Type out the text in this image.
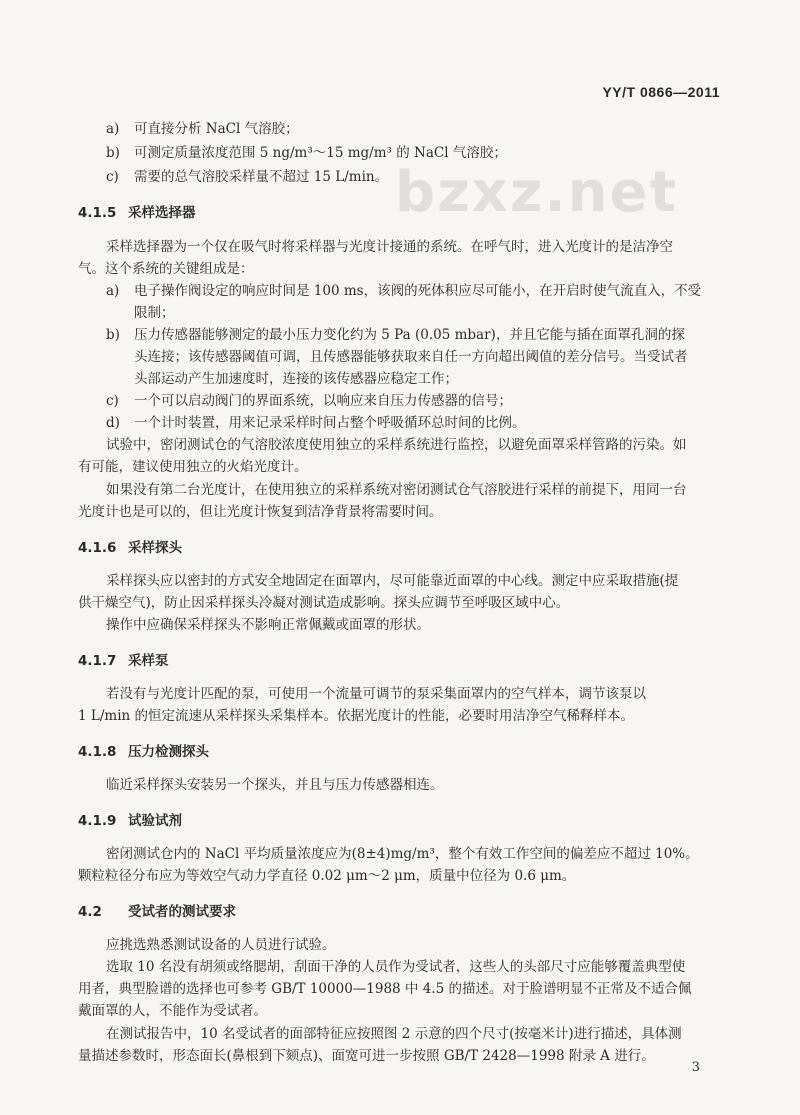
YY/T 0866—2011
bzxz.net
a) 可直接分析 NaCl 气溶胶；
b) 可测定质量浓度范围 5 ng/m³～15 mg/m³ 的 NaCl 气溶胶；
c) 需要的总气溶胶采样量不超过 15 L/min。
4.1.5 采样选择器
采样选择器为一个仅在吸气时将采样器与光度计接通的系统。在呼气时，进入光度计的是洁净空
气。这个系统的关键组成是：
a) 电子操作阀设定的响应时间是 100 ms，该阀的死体积应尽可能小，在开启时使气流直入，不受
限制；
b) 压力传感器能够测定的最小压力变化约为 5 Pa (0.05 mbar)，并且它能与插在面罩孔洞的探
头连接；该传感器阈值可调，且传感器能够获取来自任一方向超出阈值的差分信号。当受试者
头部运动产生加速度时，连接的该传感器应稳定工作；
c) 一个可以启动阀门的界面系统，以响应来自压力传感器的信号；
d) 一个计时装置，用来记录采样时间占整个呼吸循环总时间的比例。
试验中，密闭测试仓的气溶胶浓度使用独立的采样系统进行监控，以避免面罩采样管路的污染。如
有可能，建议使用独立的火焰光度计。
如果没有第二台光度计，在使用独立的采样系统对密闭测试仓气溶胶进行采样的前提下，用同一台
光度计也是可以的，但让光度计恢复到洁净背景将需要时间。
4.1.6 采样探头
采样探头应以密封的方式安全地固定在面罩内，尽可能靠近面罩的中心线。测定中应采取措施(提
供干燥空气)，防止因采样探头冷凝对测试造成影响。探头应调节至呼吸区域中心。
操作中应确保采样探头不影响正常佩戴或面罩的形状。
4.1.7 采样泵
若没有与光度计匹配的泵，可使用一个流量可调节的泵采集面罩内的空气样本，调节该泵以
1 L/min 的恒定流速从采样探头采集样本。依据光度计的性能，必要时用洁净空气稀释样本。
4.1.8 压力检测探头
临近采样探头安装另一个探头，并且与压力传感器相连。
4.1.9 试验试剂
密闭测试仓内的 NaCl 平均质量浓度应为(8±4)mg/m³，整个有效工作空间的偏差应不超过 10%。
颗粒粒径分布应为等效空气动力学直径 0.02 μm～2 μm，质量中位径为 0.6 μm。
4.2 受试者的测试要求
应挑选熟悉测试设备的人员进行试验。
选取 10 名没有胡须或络腮胡，刮面干净的人员作为受试者，这些人的头部尺寸应能够覆盖典型使
用者，典型脸谱的选择也可参考 GB/T 10000—1988 中 4.5 的描述。对于脸谱明显不正常及不适合佩
戴面罩的人，不能作为受试者。
在测试报告中，10 名受试者的面部特征应按照图 2 示意的四个尺寸(按毫米计)进行描述，具体测
量描述参数时，形态面长(鼻根到下颏点)、面宽可进一步按照 GB/T 2428—1998 附录 A 进行。
3
